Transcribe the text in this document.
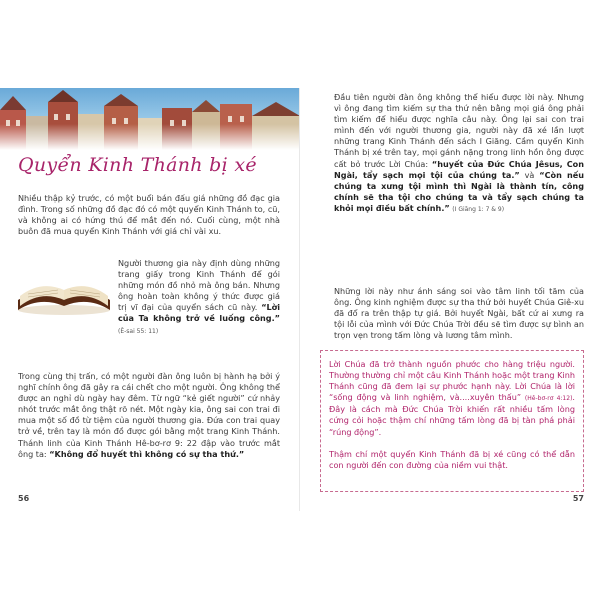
Quyển Kinh Thánh bị xé
Nhiều thập kỷ trước, có một buổi bán đấu giá những đồ đạc gia đình. Trong số những đồ đạc đó có một quyển Kinh Thánh to, cũ, và không ai có hứng thú để mắt đến nó. Cuối cùng, một nhà buôn đã mua quyển Kinh Thánh với giá chỉ vài xu.
Người thương gia này định dùng những trang giấy trong Kinh Thánh để gói những món đồ nhỏ mà ông bán. Nhưng ông hoàn toàn không ý thức được giá trị vĩ đại của quyển sách cũ này. “Lời của Ta không trở về luống công.” (Ê-sai 55: 11)
Trong cùng thị trấn, có một người đàn ông luôn bị hành hạ bởi ý nghĩ chính ông đã gây ra cái chết cho một người. Ông không thể được an nghỉ dù ngày hay đêm. Từ ngữ “kẻ giết người” cứ nhảy nhót trước mắt ông thật rõ nét. Một ngày kia, ông sai con trai đi mua một số đồ từ tiệm của người thương gia. Đứa con trai quay trở về, trên tay là món đồ được gói bằng một trang Kinh Thánh. Thánh linh của Kinh Thánh Hê-bơ-rơ 9: 22 đập vào trước mắt ông ta: “Không đổ huyết thì không có sự tha thứ.”
56
Đầu tiên người đàn ông không thể hiểu được lời này. Nhưng vì ông đang tìm kiếm sự tha thứ nên bằng mọi giá ông phải tìm kiếm để hiểu được nghĩa câu này. Ông lại sai con trai mình đến với người thương gia, người này đã xé lần lượt những trang Kinh Thánh đến sách I Giăng. Cầm quyển Kinh Thánh bị xé trên tay, mọi gánh nặng trong linh hồn ông được cất bỏ trước Lời Chúa: “huyết của Đức Chúa Jêsus, Con Ngài, tẩy sạch mọi tội của chúng ta.” và “Còn nếu chúng ta xưng tội mình thì Ngài là thành tín, công chính sẽ tha tội cho chúng ta và tẩy sạch chúng ta khỏi mọi điều bất chính.” (I Giăng 1: 7 & 9)
Những lời này như ánh sáng soi vào tâm linh tối tăm của ông. Ông kinh nghiệm được sự tha thứ bởi huyết Chúa Giê-xu đã đổ ra trên thập tự giá. Bởi huyết Ngài, bất cứ ai xưng ra tội lỗi của mình với Đức Chúa Trời đều sẽ tìm được sự bình an trọn vẹn trong tấm lòng và lương tâm mình.
Lời Chúa đã trở thành nguồn phước cho hàng triệu người. Thường thường chỉ một câu Kinh Thánh hoặc một trang Kinh Thánh cũng đã đem lại sự phước hạnh này. Lời Chúa là lời “sống động và linh nghiệm, và....xuyên thấu” (Hê-bơ-rơ 4:12). Đây là cách mà Đức Chúa Trời khiến rất nhiều tấm lòng cứng cỏi hoặc thậm chí những tấm lòng đã bị tàn phá phải “rúng động”.
Thậm chí một quyển Kinh Thánh đã bị xé cũng có thể dẫn con người đến con đường của niềm vui thật.
57
